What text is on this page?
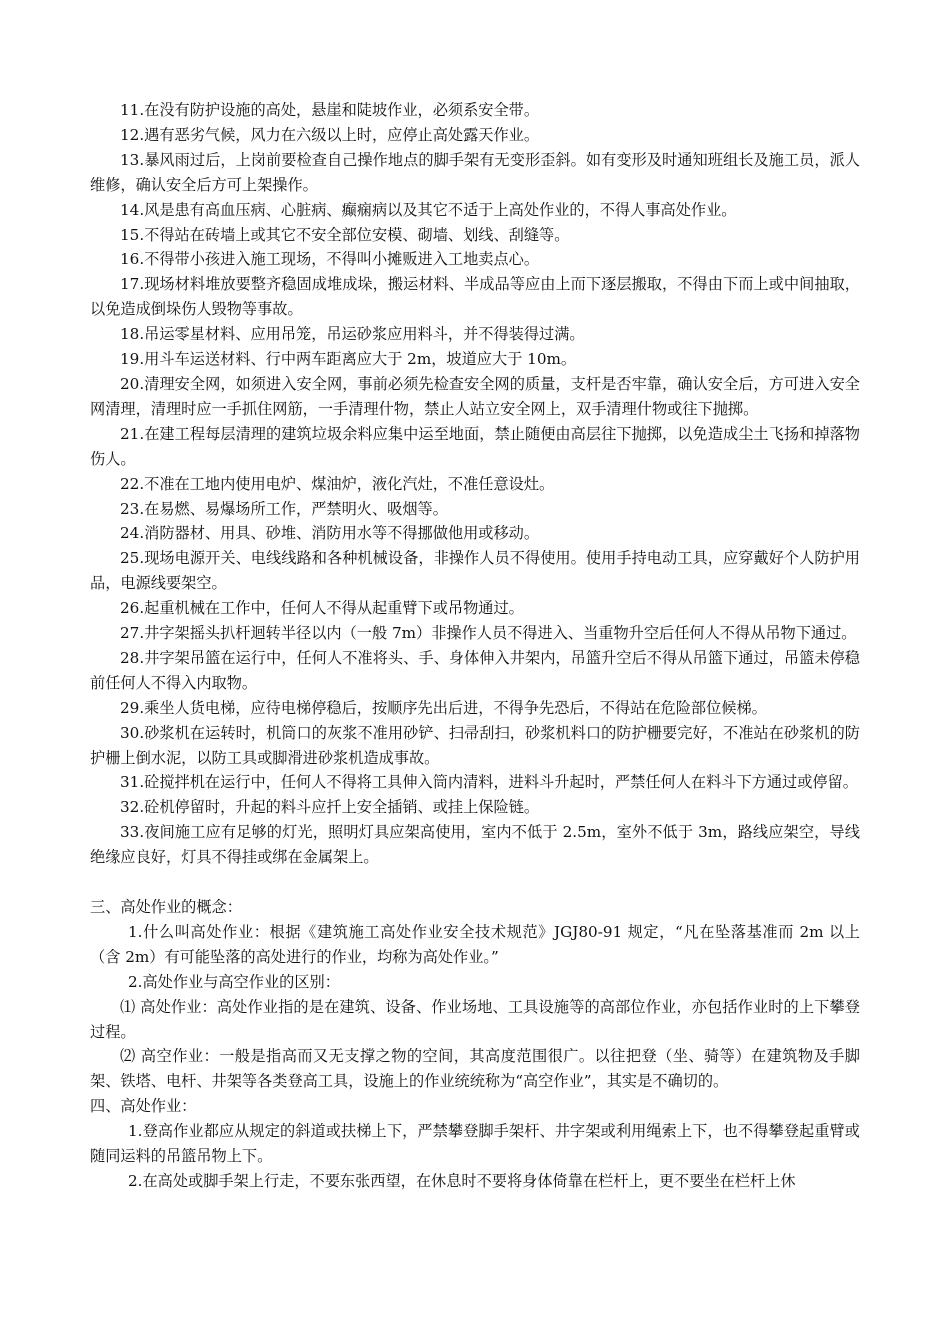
11.在没有防护设施的高处，悬崖和陡坡作业，必须系安全带。

12.遇有恶劣气候，风力在六级以上时，应停止高处露天作业。

13.暴风雨过后，上岗前要检查自己操作地点的脚手架有无变形歪斜。如有变形及时通知班组长及施工员，派人维修，确认安全后方可上架操作。

14.风是患有高血压病、心脏病、癫痫病以及其它不适于上高处作业的，不得人事高处作业。

15.不得站在砖墙上或其它不安全部位安模、砌墙、划线、刮缝等。

16.不得带小孩进入施工现场，不得叫小摊贩进入工地卖点心。

17.现场材料堆放要整齐稳固成堆成垛，搬运材料、半成品等应由上而下逐层搬取，不得由下而上或中间抽取，以免造成倒垛伤人毁物等事故。

18.吊运零星材料、应用吊笼，吊运砂浆应用料斗，并不得装得过满。

19.用斗车运送材料、行中两车距离应大于 2m，坡道应大于 10m。

20.清理安全网，如须进入安全网，事前必须先检查安全网的质量，支杆是否牢靠，确认安全后，方可进入安全网清理，清理时应一手抓住网筋，一手清理什物，禁止人站立安全网上，双手清理什物或往下抛掷。

21.在建工程每层清理的建筑垃圾余料应集中运至地面，禁止随便由高层往下抛掷，以免造成尘土飞扬和掉落物伤人。

22.不准在工地内使用电炉、煤油炉，液化汽灶，不准任意设灶。

23.在易燃、易爆场所工作，严禁明火、吸烟等。

24.消防器材、用具、砂堆、消防用水等不得挪做他用或移动。

25.现场电源开关、电线线路和各种机械设备，非操作人员不得使用。使用手持电动工具，应穿戴好个人防护用品，电源线要架空。

26.起重机械在工作中，任何人不得从起重臂下或吊物通过。

27.井字架摇头扒杆迴转半径以内（一般 7m）非操作人员不得进入、当重物升空后任何人不得从吊物下通过。

28.井字架吊篮在运行中，任何人不准将头、手、身体伸入井架内，吊篮升空后不得从吊篮下通过，吊篮未停稳前任何人不得入内取物。

29.乘坐人货电梯，应待电梯停稳后，按顺序先出后进，不得争先恐后，不得站在危险部位候梯。

30.砂浆机在运转时，机筒口的灰浆不准用砂铲、扫帚刮扫，砂浆机料口的防护栅要完好，不准站在砂浆机的防护栅上倒水泥，以防工具或脚滑进砂浆机造成事故。

31.砼搅拌机在运行中，任何人不得将工具伸入筒内清料，进料斗升起时，严禁任何人在料斗下方通过或停留。

32.砼机停留时，升起的料斗应扦上安全插销、或挂上保险链。

33.夜间施工应有足够的灯光，照明灯具应架高使用，室内不低于 2.5m，室外不低于 3m，路线应架空，导线绝缘应良好，灯具不得挂或绑在金属架上。

三、高处作业的概念：

1.什么叫高处作业：根据《建筑施工高处作业安全技术规范》JGJ80-91 规定，“凡在坠落基准而 2m 以上（含 2m）有可能坠落的高处进行的作业，均称为高处作业。”

2.高处作业与高空作业的区别：

⑴ 高处作业：高处作业指的是在建筑、设备、作业场地、工具设施等的高部位作业，亦包括作业时的上下攀登过程。

⑵ 高空作业：一般是指高而又无支撑之物的空间，其高度范围很广。以往把登（坐、骑等）在建筑物及手脚架、铁塔、电杆、井架等各类登高工具，设施上的作业统统称为“高空作业”，其实是不确切的。

四、高处作业：

1.登高作业都应从规定的斜道或扶梯上下，严禁攀登脚手架杆、井字架或利用绳索上下，也不得攀登起重臂或随同运料的吊篮吊物上下。

2.在高处或脚手架上行走，不要东张西望，在休息时不要将身体倚靠在栏杆上，更不要坐在栏杆上休
